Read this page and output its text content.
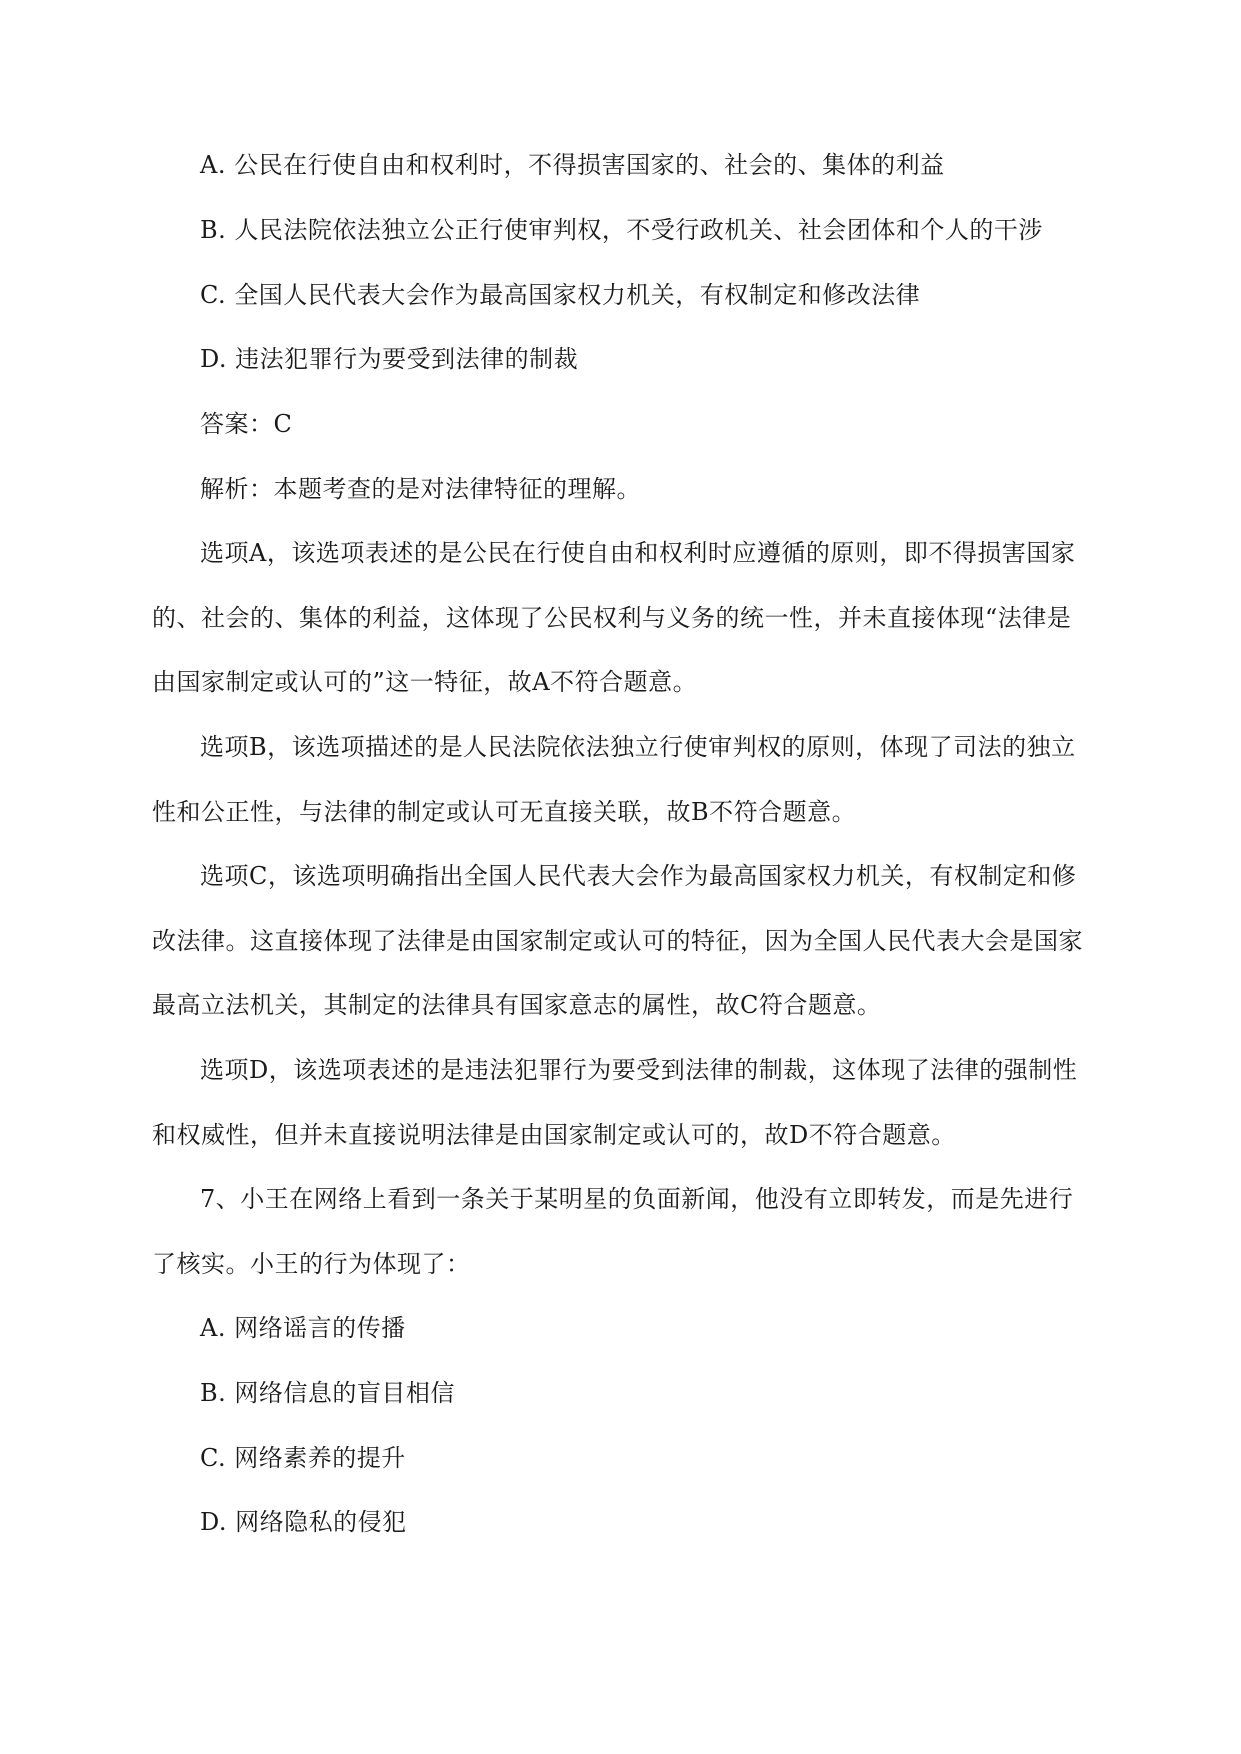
A. 公民在行使自由和权利时，不得损害国家的、社会的、集体的利益
B. 人民法院依法独立公正行使审判权，不受行政机关、社会团体和个人的干涉
C. 全国人民代表大会作为最高国家权力机关，有权制定和修改法律
D. 违法犯罪行为要受到法律的制裁
答案：C
解析：本题考查的是对法律特征的理解。
选项A，该选项表述的是公民在行使自由和权利时应遵循的原则，即不得损害国家
的、社会的、集体的利益，这体现了公民权利与义务的统一性，并未直接体现“法律是
由国家制定或认可的”这一特征，故A不符合题意。
选项B，该选项描述的是人民法院依法独立行使审判权的原则，体现了司法的独立
性和公正性，与法律的制定或认可无直接关联，故B不符合题意。
选项C，该选项明确指出全国人民代表大会作为最高国家权力机关，有权制定和修
改法律。这直接体现了法律是由国家制定或认可的特征，因为全国人民代表大会是国家
最高立法机关，其制定的法律具有国家意志的属性，故C符合题意。
选项D，该选项表述的是违法犯罪行为要受到法律的制裁，这体现了法律的强制性
和权威性，但并未直接说明法律是由国家制定或认可的，故D不符合题意。
7、小王在网络上看到一条关于某明星的负面新闻，他没有立即转发，而是先进行
了核实。小王的行为体现了：
A. 网络谣言的传播
B. 网络信息的盲目相信
C. 网络素养的提升
D. 网络隐私的侵犯
